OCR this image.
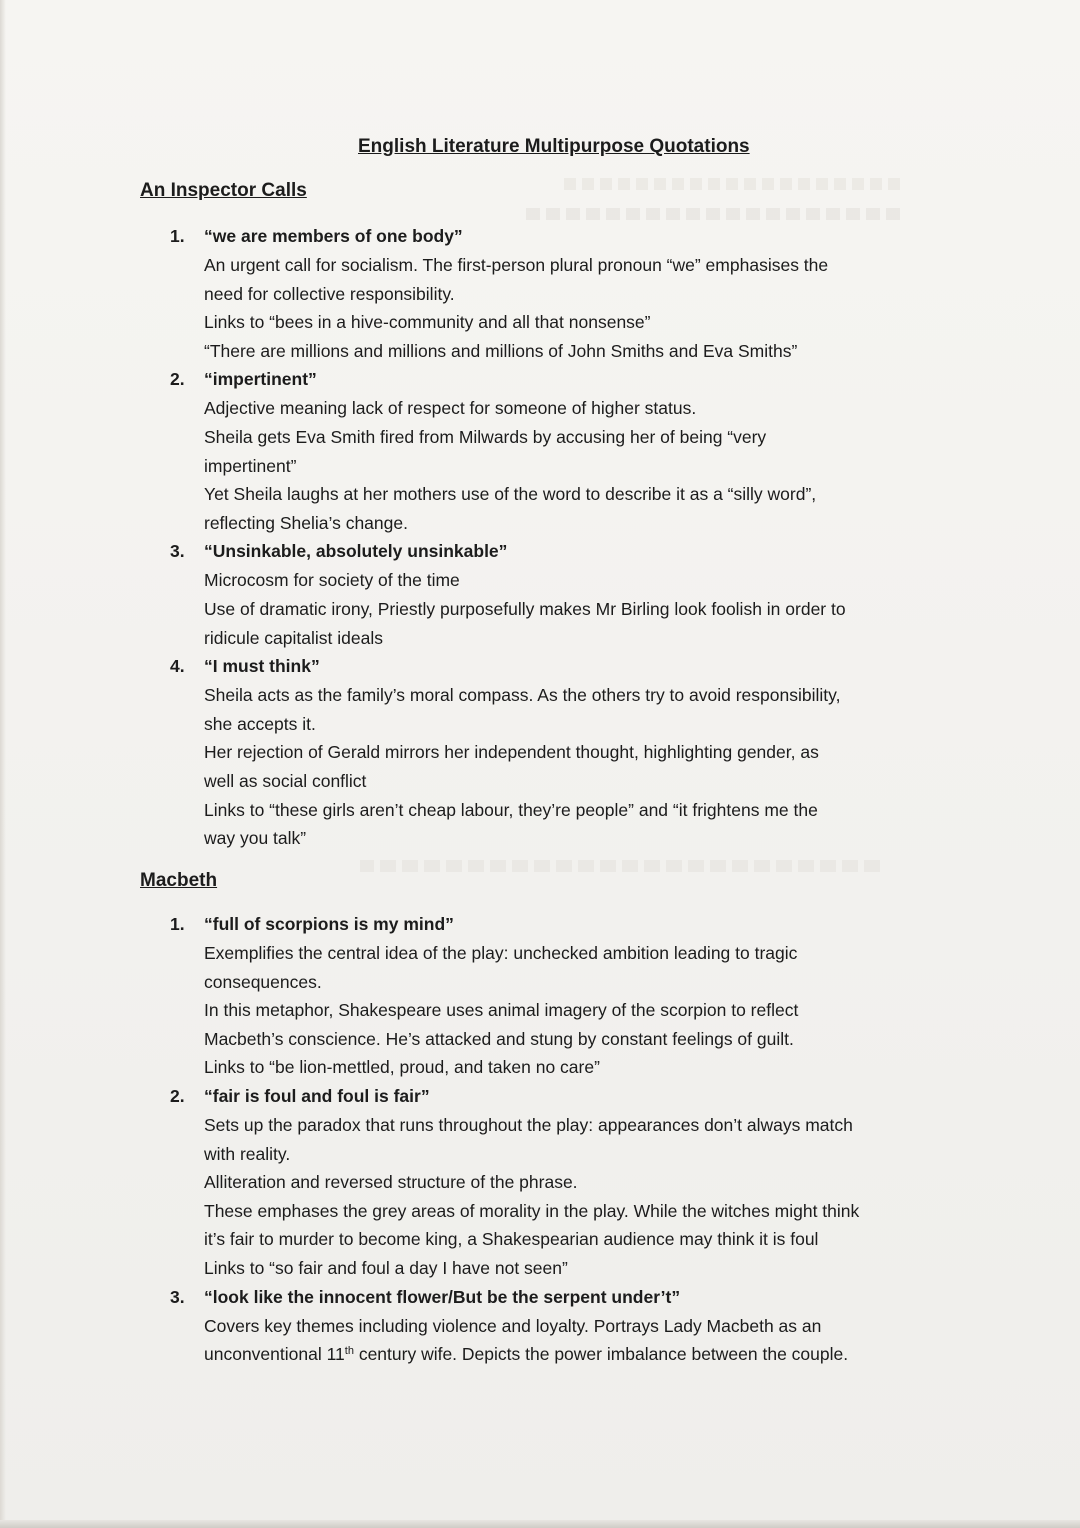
English Literature Multipurpose Quotations
An Inspector Calls
1. “we are members of one body”
An urgent call for socialism. The first-person plural pronoun “we” emphasises the
need for collective responsibility.
Links to “bees in a hive-community and all that nonsense”
“There are millions and millions and millions of John Smiths and Eva Smiths”
2. “impertinent”
Adjective meaning lack of respect for someone of higher status.
Sheila gets Eva Smith fired from Milwards by accusing her of being “very
impertinent”
Yet Sheila laughs at her mothers use of the word to describe it as a “silly word”,
reflecting Shelia’s change.
3. “Unsinkable, absolutely unsinkable”
Microcosm for society of the time
Use of dramatic irony, Priestly purposefully makes Mr Birling look foolish in order to
ridicule capitalist ideals
4. “I must think”
Sheila acts as the family’s moral compass. As the others try to avoid responsibility,
she accepts it.
Her rejection of Gerald mirrors her independent thought, highlighting gender, as
well as social conflict
Links to “these girls aren’t cheap labour, they’re people” and “it frightens me the
way you talk”
Macbeth
1. “full of scorpions is my mind”
Exemplifies the central idea of the play: unchecked ambition leading to tragic
consequences.
In this metaphor, Shakespeare uses animal imagery of the scorpion to reflect
Macbeth’s conscience. He’s attacked and stung by constant feelings of guilt.
Links to “be lion-mettled, proud, and taken no care”
2. “fair is foul and foul is fair”
Sets up the paradox that runs throughout the play: appearances don’t always match
with reality.
Alliteration and reversed structure of the phrase.
These emphases the grey areas of morality in the play. While the witches might think
it’s fair to murder to become king, a Shakespearian audience may think it is foul
Links to “so fair and foul a day I have not seen”
3. “look like the innocent flower/But be the serpent under’t”
Covers key themes including violence and loyalty. Portrays Lady Macbeth as an
unconventional 11th century wife. Depicts the power imbalance between the couple.
